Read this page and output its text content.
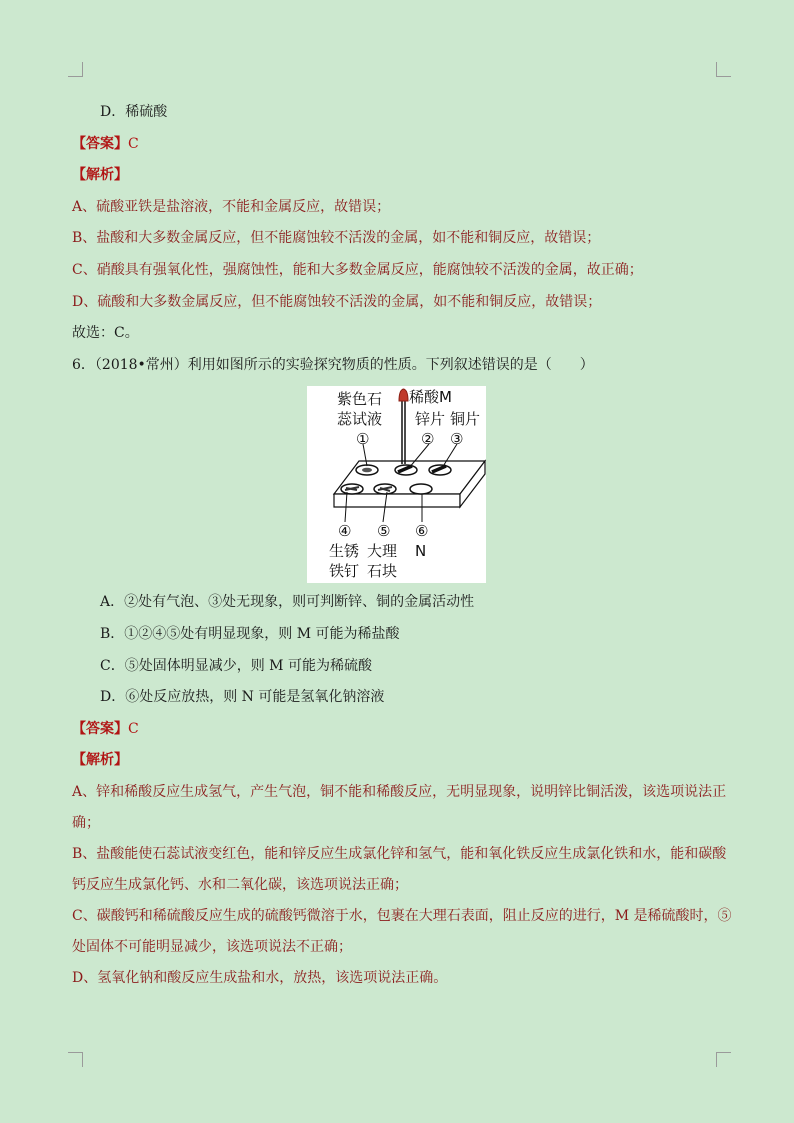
D．稀硫酸
【答案】C
【解析】
A、硫酸亚铁是盐溶液，不能和金属反应，故错误；
B、盐酸和大多数金属反应，但不能腐蚀较不活泼的金属，如不能和铜反应，故错误；
C、硝酸具有强氧化性，强腐蚀性，能和大多数金属反应，能腐蚀较不活泼的金属，故正确；
D、硫酸和大多数金属反应，但不能腐蚀较不活泼的金属，如不能和铜反应，故错误；
故选：C。
6．（2018•常州）利用如图所示的实验探究物质的性质。下列叙述错误的是（　　）
紫色石
蕊试液
稀酸M
锌片 铜片
①	② ③
④ ⑤ ⑥
生锈
铁钉
大理
石块
N
A．②处有气泡、③处无现象，则可判断锌、铜的金属活动性
B．①②④⑤处有明显现象，则 M 可能为稀盐酸
C．⑤处固体明显减少，则 M 可能为稀硫酸
D．⑥处反应放热，则 N 可能是氢氧化钠溶液
【答案】C
【解析】
A、锌和稀酸反应生成氢气，产生气泡，铜不能和稀酸反应，无明显现象，说明锌比铜活泼，该选项说法正
确；
B、盐酸能使石蕊试液变红色，能和锌反应生成氯化锌和氢气，能和氧化铁反应生成氯化铁和水，能和碳酸
钙反应生成氯化钙、水和二氧化碳，该选项说法正确；
C、碳酸钙和稀硫酸反应生成的硫酸钙微溶于水，包裹在大理石表面，阻止反应的进行，M 是稀硫酸时，⑤
处固体不可能明显减少，该选项说法不正确；
D、氢氧化钠和酸反应生成盐和水，放热，该选项说法正确。
